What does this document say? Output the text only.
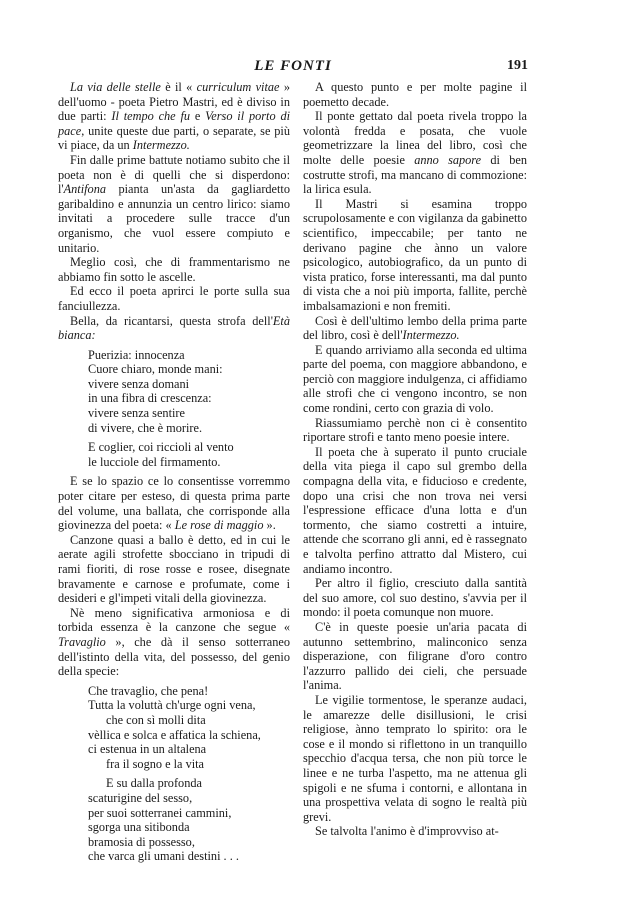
LE FONTI	191

La via delle stelle è il « curriculum vitae » dell'uomo - poeta Pietro Mastri, ed è diviso in due parti: Il tempo che fu e Verso il porto di pace, unite queste due parti, o separate, se più vi piace, da un Intermezzo.

Fin dalle prime battute notiamo subito che il poeta non è di quelli che si disperdono: l'Antifona pianta un'asta da gagliardetto garibaldino e annunzia un centro lirico: siamo invitati a procedere sulle tracce d'un organismo, che vuol essere compiuto e unitario.

Meglio così, che di frammentarismo ne abbiamo fin sotto le ascelle.

Ed ecco il poeta aprirci le porte sulla sua fanciullezza.

Bella, da ricantarsi, questa strofa dell'Età bianca:

Puerizia: innocenza
Cuore chiaro, monde mani:
vivere senza domani
in una fibra di crescenza:
vivere senza sentire
di vivere, che è morire.
E coglier, coi riccioli al vento
le lucciole del firmamento.

E se lo spazio ce lo consentisse vorremmo poter citare per esteso, di questa prima parte del volume, una ballata, che corrisponde alla giovinezza del poeta: « Le rose di maggio ».

Canzone quasi a ballo è detto, ed in cui le aerate agili strofette sbocciano in tripudi di rami fioriti, di rose rosse e rosee, disegnate bravamente e carnose e profumate, come i desideri e gl'impeti vitali della giovinezza.

Nè meno significativa armoniosa e di torbida essenza è la canzone che segue « Travaglio », che dà il senso sotterraneo dell'istinto della vita, del possesso, del genio della specie:

Che travaglio, che pena!
Tutta la voluttà ch'urge ogni vena,
che con sì molli dita
vèllica e solca e affatica la schiena,
ci estenua in un altalena
fra il sogno e la vita
E su dalla profonda
scaturigine del sesso,
per suoi sotterranei cammini,
sgorga una sitibonda
bramosia di possesso,
che varca gli umani destini . . .

A questo punto e per molte pagine il poemetto decade.

Il ponte gettato dal poeta rivela troppo la volontà fredda e posata, che vuole geometrizzare la linea del libro, così che molte delle poesie anno sapore di ben costrutte strofi, ma mancano di commozione: la lirica esula.

Il Mastri si esamina troppo scrupolosamente e con vigilanza da gabinetto scientifico, impeccabile; per tanto ne derivano pagine che ànno un valore psicologico, autobiografico, da un punto di vista pratico, forse interessanti, ma dal punto di vista che a noi più importa, fallite, perchè imbalsamazioni e non fremiti.

Così è dell'ultimo lembo della prima parte del libro, così è dell'Intermezzo.

E quando arriviamo alla seconda ed ultima parte del poema, con maggiore abbandono, e perciò con maggiore indulgenza, ci affidiamo alle strofi che ci vengono incontro, se non come rondini, certo con grazia di volo.

Riassumiamo perchè non ci è consentito riportare strofi e tanto meno poesie intere.

Il poeta che à superato il punto cruciale della vita piega il capo sul grembo della compagna della vita, e fiducioso e credente, dopo una crisi che non trova nei versi l'espressione efficace d'una lotta e d'un tormento, che siamo costretti a intuire, attende che scorrano gli anni, ed è rassegnato e talvolta perfino attratto dal Mistero, cui andiamo incontro.

Per altro il figlio, cresciuto dalla santità del suo amore, col suo destino, s'avvia per il mondo: il poeta comunque non muore.

C'è in queste poesie un'aria pacata di autunno settembrino, malinconico senza disperazione, con filigrane d'oro contro l'azzurro pallido dei cieli, che persuade l'anima.

Le vigilie tormentose, le speranze audaci, le amarezze delle disillusioni, le crisi religiose, ànno temprato lo spirito: ora le cose e il mondo si riflettono in un tranquillo specchio d'acqua tersa, che non più torce le linee e ne turba l'aspetto, ma ne attenua gli spigoli e ne sfuma i contorni, e allontana in una prospettiva velata di sogno le realtà più grevi.

Se talvolta l'animo è d'improvviso at-
